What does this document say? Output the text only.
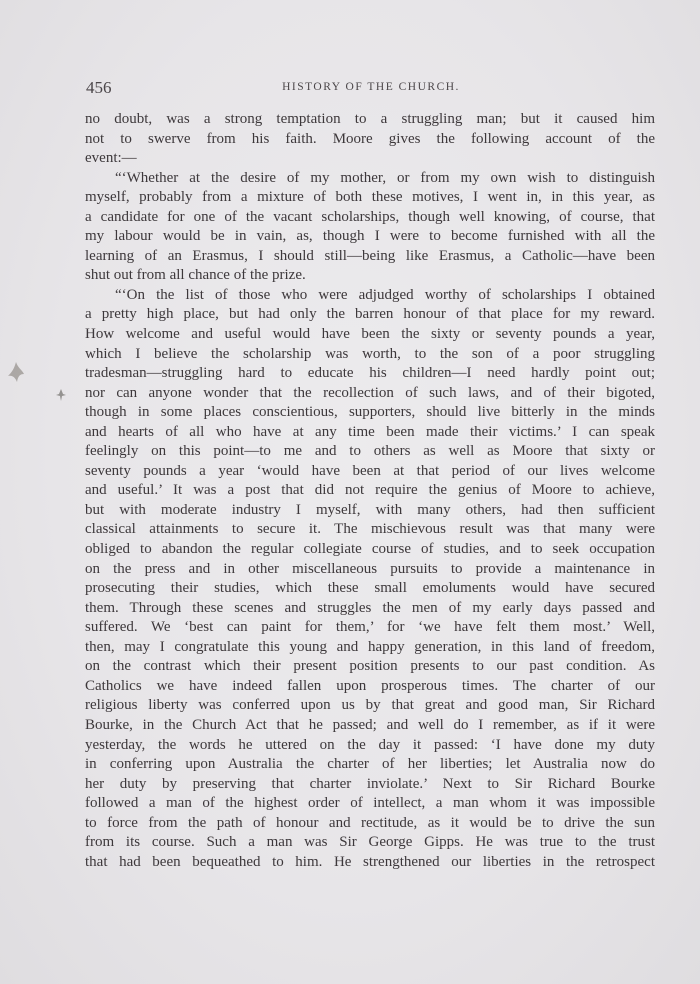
456	HISTORY OF THE CHURCH.
no doubt, was a strong temptation to a struggling man; but it caused him
not to swerve from his faith. Moore gives the following account of the
event:—
“‘Whether at the desire of my mother, or from my own wish to distinguish
myself, probably from a mixture of both these motives, I went in, in this year, as
a candidate for one of the vacant scholarships, though well knowing, of course, that
my labour would be in vain, as, though I were to become furnished with all the
learning of an Erasmus, I should still—being like Erasmus, a Catholic—have been
shut out from all chance of the prize.
“‘On the list of those who were adjudged worthy of scholarships I obtained
a pretty high place, but had only the barren honour of that place for my reward.
How welcome and useful would have been the sixty or seventy pounds a year,
which I believe the scholarship was worth, to the son of a poor struggling
tradesman—struggling hard to educate his children—I need hardly point out;
nor can anyone wonder that the recollection of such laws, and of their bigoted,
though in some places conscientious, supporters, should live bitterly in the minds
and hearts of all who have at any time been made their victims.’ I can speak
feelingly on this point—to me and to others as well as Moore that sixty or
seventy pounds a year ‘would have been at that period of our lives welcome
and useful.’ It was a post that did not require the genius of Moore to achieve,
but with moderate industry I myself, with many others, had then sufficient
classical attainments to secure it. The mischievous result was that many were
obliged to abandon the regular collegiate course of studies, and to seek occupation
on the press and in other miscellaneous pursuits to provide a maintenance in
prosecuting their studies, which these small emoluments would have secured
them. Through these scenes and struggles the men of my early days passed and
suffered. We ‘best can paint for them,’ for ‘we have felt them most.’ Well,
then, may I congratulate this young and happy generation, in this land of freedom,
on the contrast which their present position presents to our past condition. As
Catholics we have indeed fallen upon prosperous times. The charter of our
religious liberty was conferred upon us by that great and good man, Sir Richard
Bourke, in the Church Act that he passed; and well do I remember, as if it were
yesterday, the words he uttered on the day it passed: ‘I have done my duty
in conferring upon Australia the charter of her liberties; let Australia now do
her duty by preserving that charter inviolate.’ Next to Sir Richard Bourke
followed a man of the highest order of intellect, a man whom it was impossible
to force from the path of honour and rectitude, as it would be to drive the sun
from its course. Such a man was Sir George Gipps. He was true to the trust
that had been bequeathed to him. He strengthened our liberties in the retrospect
